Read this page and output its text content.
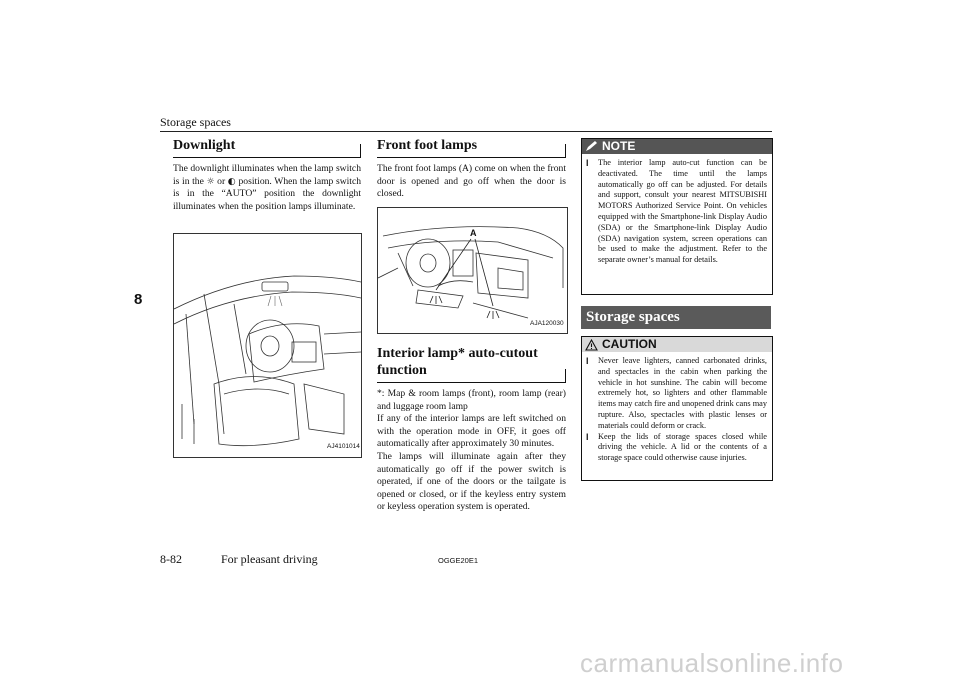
Storage spaces
8
Downlight
The downlight illuminates when the lamp switch is in the ☼ or ◐ position. When the lamp switch is in the “AUTO” position the downlight illuminates when the position lamps illuminate.
AJ4101014
Front foot lamps
The front foot lamps (A) come on when the front door is opened and go off when the door is closed.
A
AJA120030
Interior lamp* auto-cutout function
*: Map & room lamps (front), room lamp (rear) and luggage room lamp
If any of the interior lamps are left switched on with the operation mode in OFF, it goes off automatically after approximately 30 minutes.
The lamps will illuminate again after they automatically go off if the power switch is operated, if one of the doors or the tailgate is opened or closed, or if the keyless entry system or keyless operation system is operated.
NOTE
l	The interior lamp auto-cut function can be deactivated. The time until the lamps automatically go off can be adjusted. For details and support, consult your nearest MITSUBISHI MOTORS Authorized Service Point. On vehicles equipped with the Smartphone-link Display Audio (SDA) or the Smartphone-link Display Audio (SDA) navigation system, screen operations can be used to make the adjustment. Refer to the separate owner’s manual for details.
Storage spaces
CAUTION
l	Never leave lighters, canned carbonated drinks, and spectacles in the cabin when parking the vehicle in hot sunshine. The cabin will become extremely hot, so lighters and other flammable items may catch fire and unopened drink cans may rupture. Also, spectacles with plastic lenses or materials could deform or crack.
l	Keep the lids of storage spaces closed while driving the vehicle. A lid or the contents of a storage space could otherwise cause injuries.
8-82	For pleasant driving	OGGE20E1
carmanualsonline.info
